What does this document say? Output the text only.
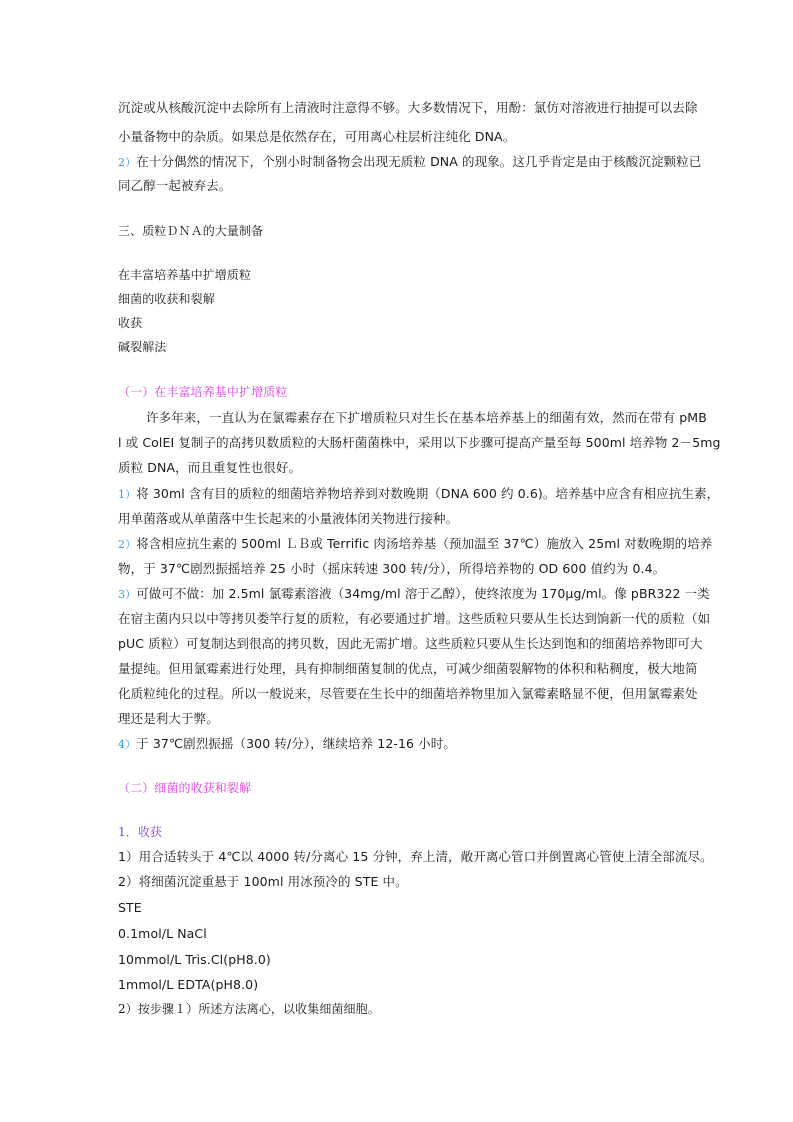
沉淀或从核酸沉淀中去除所有上清液时注意得不够。大多数情况下，用酚：氯仿对溶液进行抽提可以去除
小量备物中的杂质。如果总是依然存在，可用离心柱层析注纯化 DNA。
2）在十分偶然的情况下，个别小时制备物会出现无质粒 DNA 的现象。这几乎肯定是由于核酸沉淀颗粒已
同乙醇一起被弃去。
三、质粒ＤＮＡ的大量制备
在丰富培养基中扩增质粒
细菌的收获和裂解
收获
碱裂解法
（一）在丰富培养基中扩增质粒
许多年来，一直认为在氯霉素存在下扩增质粒只对生长在基本培养基上的细菌有效，然而在带有 pMB
l 或 ColEI 复制子的高拷贝数质粒的大肠杆菌菌株中，采用以下步骤可提高产量至每 500ml 培养物 2－5mg
质粒 DNA，而且重复性也很好。
1）将 30ml 含有目的质粒的细菌培养物培养到对数晚期（DNA 600 约 0.6)。培养基中应含有相应抗生素，
用单菌落或从单菌落中生长起来的小量液体闭关物进行接种。
2）将含相应抗生素的 500ml ＬＢ或 Terrific 肉汤培养基（预加温至 37℃）施放入 25ml 对数晚期的培养
物，于 37℃剧烈振摇培养 25 小时（摇床转速 300 转/分），所得培养物的 OD 600 值约为 0.4。
3）可做可不做：加 2.5ml 氯霉素溶液（34mg/ml 溶于乙醇），使终浓度为 170μg/ml。像 pBR322 一类
在宿主菌内只以中等拷贝娄竿行复的质粒，有必要通过扩增。这些质粒只要从生长达到饷新一代的质粒（如
pUC 质粒）可复制达到很高的拷贝数，因此无需扩增。这些质粒只要从生长达到饱和的细菌培养物即可大
量提纯。但用氯霉素进行处理，具有抑制细菌复制的优点，可减少细菌裂解物的体积和粘稠度，极大地简
化质粒纯化的过程。所以一般说来，尽管要在生长中的细菌培养物里加入氯霉素略显不便，但用氯霉素处
理还是利大于弊。
4）于 37℃剧烈振摇（300 转/分），继续培养 12-16 小时。
（二）细菌的收获和裂解
1．收获
1）用合适转头于 4℃以 4000 转/分离心 15 分钟，弃上清，敞开离心管口并倒置离心管使上清全部流尽。
2）将细菌沉淀重悬于 100ml 用冰预冷的 STE 中。
STE
0.1mol/L NaCl
10mmol/L Tris.Cl(pH8.0)
1mmol/L EDTA(pH8.0)
2）按步骤１）所述方法离心，以收集细菌细胞。
